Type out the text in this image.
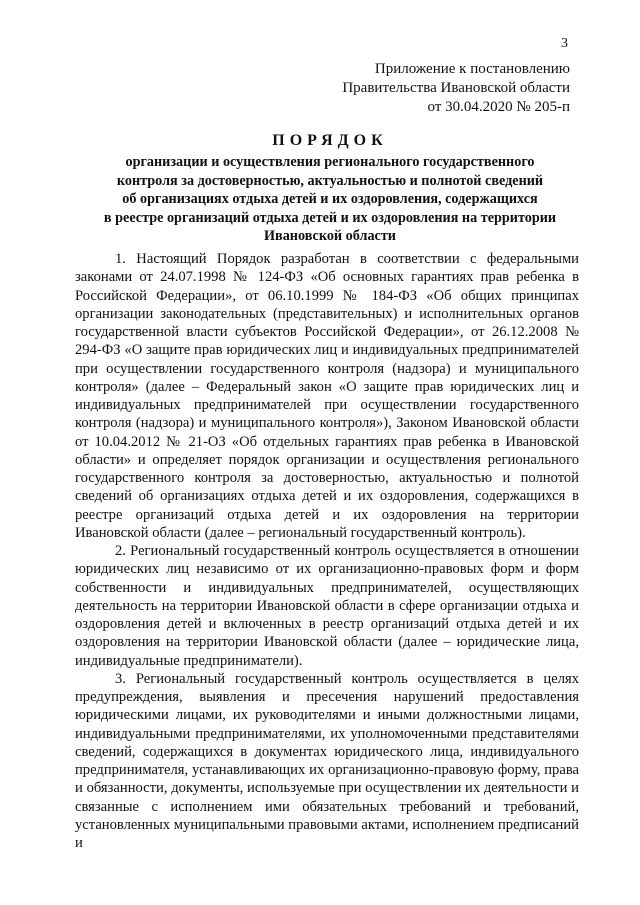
3
Приложение к постановлению
Правительства Ивановской области
от 30.04.2020 № 205-п
ПОРЯДОК
организации и осуществления регионального государственного
контроля за достоверностью, актуальностью и полнотой сведений
об организациях отдыха детей и их оздоровления, содержащихся
в реестре организаций отдыха детей и их оздоровления на территории
Ивановской области

1. Настоящий Порядок разработан в соответствии с федеральными законами от 24.07.1998 № 124-ФЗ «Об основных гарантиях прав ребенка в Российской Федерации», от 06.10.1999 № 184-ФЗ «Об общих принципах организации законодательных (представительных) и исполнительных органов государственной власти субъектов Российской Федерации», от 26.12.2008 № 294-ФЗ «О защите прав юридических лиц и индивидуальных предпринимателей при осуществлении государственного контроля (надзора) и муниципального контроля» (далее – Федеральный закон «О защите прав юридических лиц и индивидуальных предпринимателей при осуществлении государственного контроля (надзора) и муниципального контроля»), Законом Ивановской области от 10.04.2012 № 21-ОЗ «Об отдельных гарантиях прав ребенка в Ивановской области» и определяет порядок организации и осуществления регионального государственного контроля за достоверностью, актуальностью и полнотой сведений об организациях отдыха детей и их оздоровления, содержащихся в реестре организаций отдыха детей и их оздоровления на территории Ивановской области (далее – региональный государственный контроль).

2. Региональный государственный контроль осуществляется в отношении юридических лиц независимо от их организационно-правовых форм и форм собственности и индивидуальных предпринимателей, осуществляющих деятельность на территории Ивановской области в сфере организации отдыха и оздоровления детей и включенных в реестр организаций отдыха детей и их оздоровления на территории Ивановской области (далее – юридические лица, индивидуальные предприниматели).

3. Региональный государственный контроль осуществляется в целях предупреждения, выявления и пресечения нарушений предоставления юридическими лицами, их руководителями и иными должностными лицами, индивидуальными предпринимателями, их уполномоченными представителями сведений, содержащихся в документах юридического лица, индивидуального предпринимателя, устанавливающих их организационно-правовую форму, права и обязанности, документы, используемые при осуществлении их деятельности и связанные с исполнением ими обязательных требований и требований, установленных муниципальными правовыми актами, исполнением предписаний и
